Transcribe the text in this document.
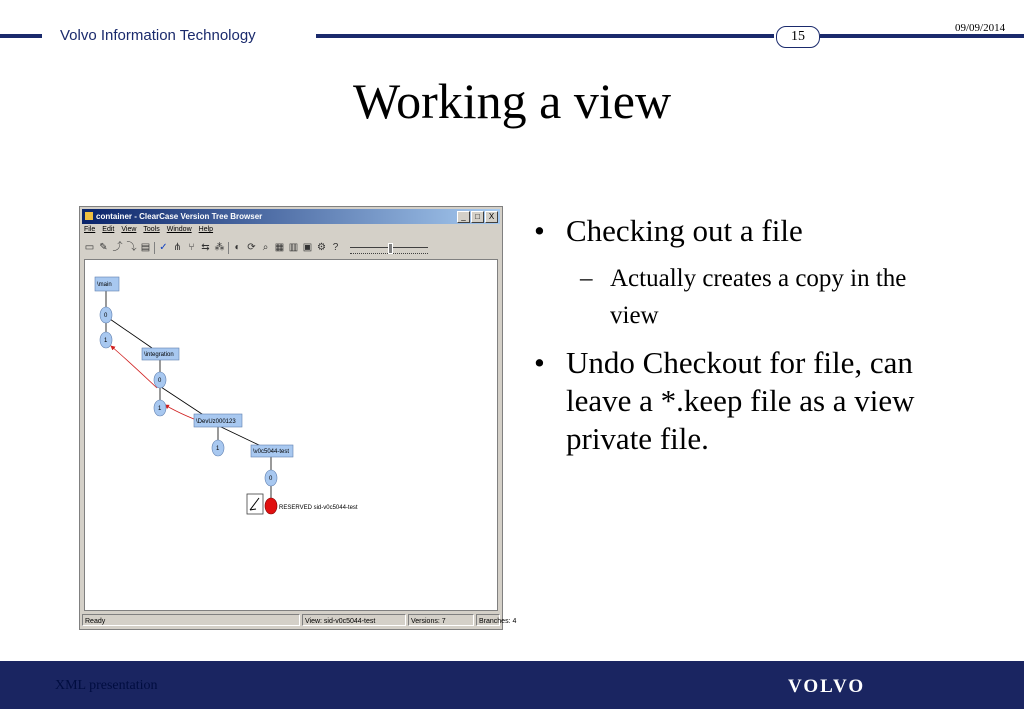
Volvo Information Technology	15
09/09/2014
Working a view
container - ClearCase Version Tree Browser	_	□	X
File Edit View Tools Window Help
▭ ✎ ⤴ ⤵ ▤ ✓ ⋔ ⑂ ⇆ ⁂ ◐ ⟳ ⌕ ▦ ▥ ▣ ⚙ ?
\main
\integration
\DevUz000123
\v0c5044-test
0
1
0
1
1
0
RESERVED sid-v0c5044-test
Ready	View: sid-v0c5044-test	Versions: 7	Branches: 4
• Checking out a file
– Actually creates a copy in the view
• Undo Checkout for file, can leave a *.keep file as a view private file.
XML presentation	VOLVO
